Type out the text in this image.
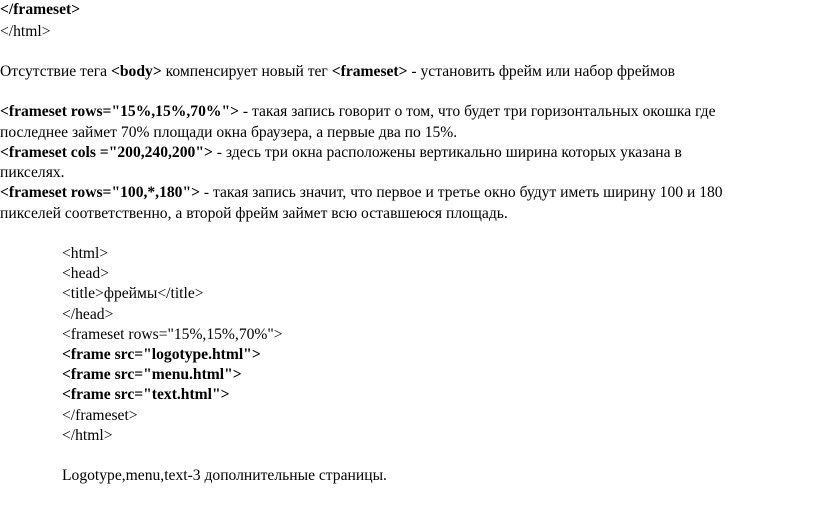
</frameset>
</html>
Отсутствие тега <body> компенсирует новый тег <frameset> - установить фрейм или набор фреймов
<frameset rows="15%,15%,70%"> - такая запись говорит о том, что будет три горизонтальных окошка где
последнее займет 70% площади окна браузера, а первые два по 15%.
<frameset cols ="200,240,200"> - здесь три окна расположены вертикально ширина которых указана в
пикселях.
<frameset rows="100,*,180"> - такая запись значит, что первое и третье окно будут иметь ширину 100 и 180
пикселей соответственно, а второй фрейм займет всю оставшеюся площадь.
<html>
<head>
<title>фреймы</title>
</head>
<frameset rows="15%,15%,70%">
<frame src="logotype.html">
<frame src="menu.html">
<frame src="text.html">
</frameset>
</html>
Logotype,menu,text-3 дополнительные страницы.
